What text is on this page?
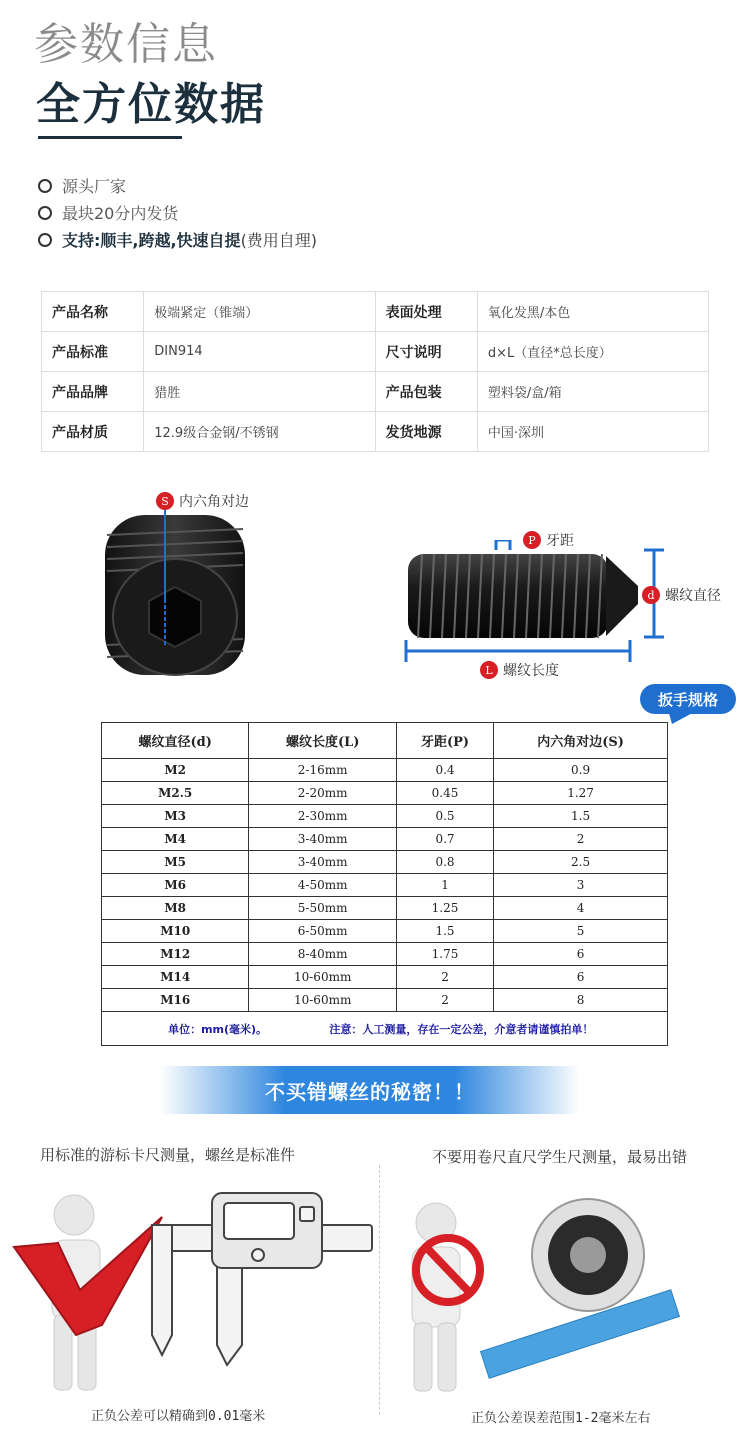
参数信息
全方位数据
源头厂家
最块20分内发货
支持:顺丰,跨越,快速自提 (费用自理)
产品名称	极端紧定（锥端）	表面处理	氧化发黑/本色
产品标准	DIN914	尺寸说明	d×L（直径*总长度）
产品品牌	猎胜	产品包装	塑料袋/盒/箱
产品材质	12.9级合金钢/不锈钢	发货地源	中国·深圳
S 内六角对边
P 牙距
d 螺纹直径
L 螺纹长度
扳手规格
螺纹直径(d)	螺纹长度(L)	牙距(P)	内六角对边(S)
M2	2-16mm	0.4	0.9
M2.5	2-20mm	0.45	1.27
M3	2-30mm	0.5	1.5
M4	3-40mm	0.7	2
M5	3-40mm	0.8	2.5
M6	4-50mm	1	3
M8	5-50mm	1.25	4
M10	6-50mm	1.5	5
M12	8-40mm	1.75	6
M14	10-60mm	2	6
M16	10-60mm	2	8
单位：mm(毫米)。 注意：人工测量，存在一定公差，介意者请谨慎拍单！			
不买错螺丝的秘密！！
用标准的游标卡尺测量，螺丝是标准件	不要用卷尺直尺学生尺测量，最易出错
正负公差可以精确到0.01毫米	正负公差误差范围1-2毫米左右
